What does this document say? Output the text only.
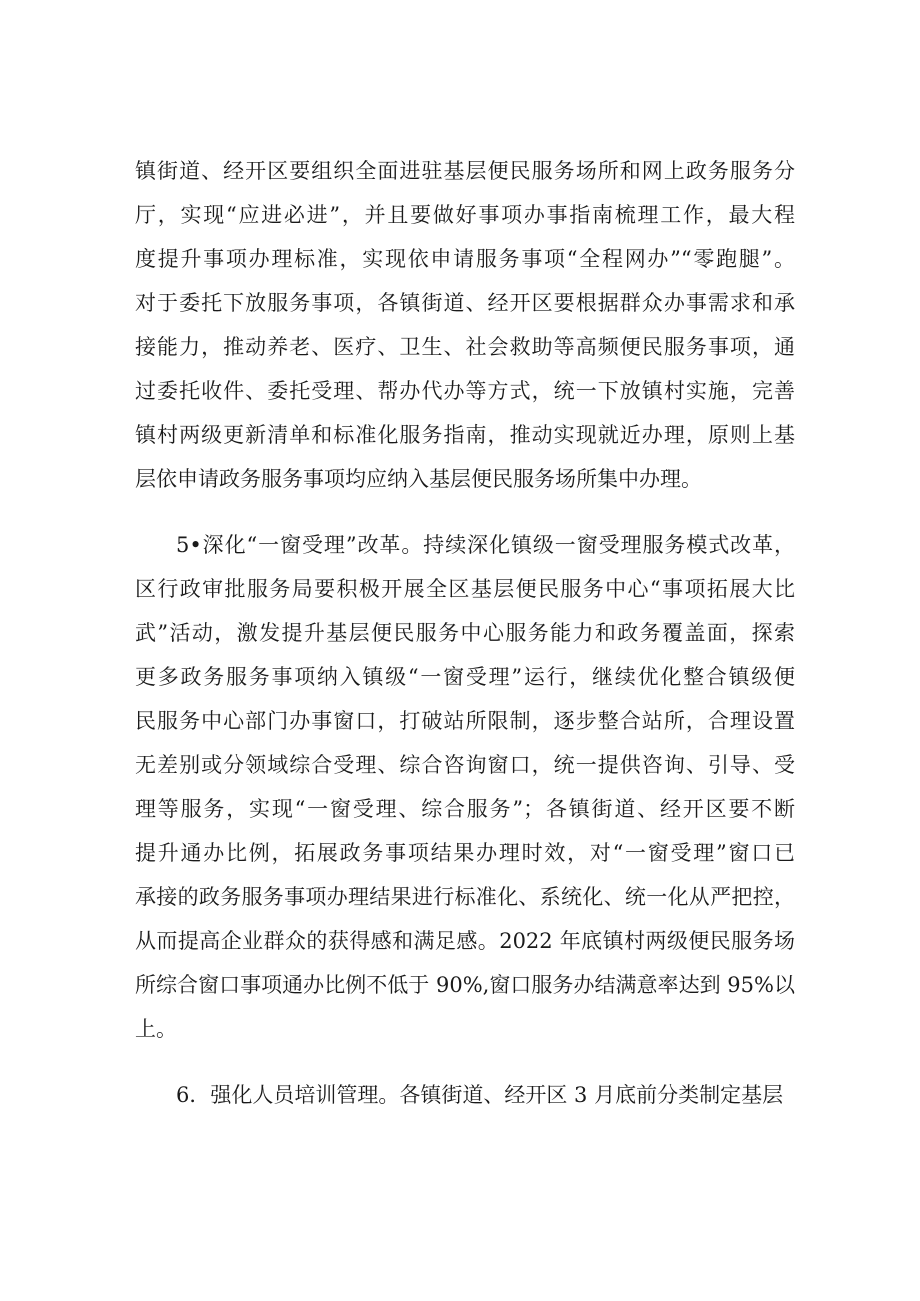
镇街道、经开区要组织全面进驻基层便民服务场所和网上政务服务分
厅，实现“应进必进”，并且要做好事项办事指南梳理工作，最大程
度提升事项办理标准，实现依申请服务事项“全程网办”“零跑腿”。
对于委托下放服务事项，各镇街道、经开区要根据群众办事需求和承
接能力，推动养老、医疗、卫生、社会救助等高频便民服务事项，通
过委托收件、委托受理、帮办代办等方式，统一下放镇村实施，完善
镇村两级更新清单和标准化服务指南，推动实现就近办理，原则上基
层依申请政务服务事项均应纳入基层便民服务场所集中办理。
5•深化“一窗受理”改革。持续深化镇级一窗受理服务模式改革，
区行政审批服务局要积极开展全区基层便民服务中心“事项拓展大比
武”活动，激发提升基层便民服务中心服务能力和政务覆盖面，探索
更多政务服务事项纳入镇级“一窗受理”运行，继续优化整合镇级便
民服务中心部门办事窗口，打破站所限制，逐步整合站所，合理设置
无差别或分领域综合受理、综合咨询窗口，统一提供咨询、引导、受
理等服务，实现“一窗受理、综合服务”；各镇街道、经开区要不断
提升通办比例，拓展政务事项结果办理时效，对“一窗受理”窗口已
承接的政务服务事项办理结果进行标准化、系统化、统一化从严把控，
从而提高企业群众的获得感和满足感。2022 年底镇村两级便民服务场
所综合窗口事项通办比例不低于 90%,窗口服务办结满意率达到 95%以
上。
6．强化人员培训管理。各镇街道、经开区 3 月底前分类制定基层
